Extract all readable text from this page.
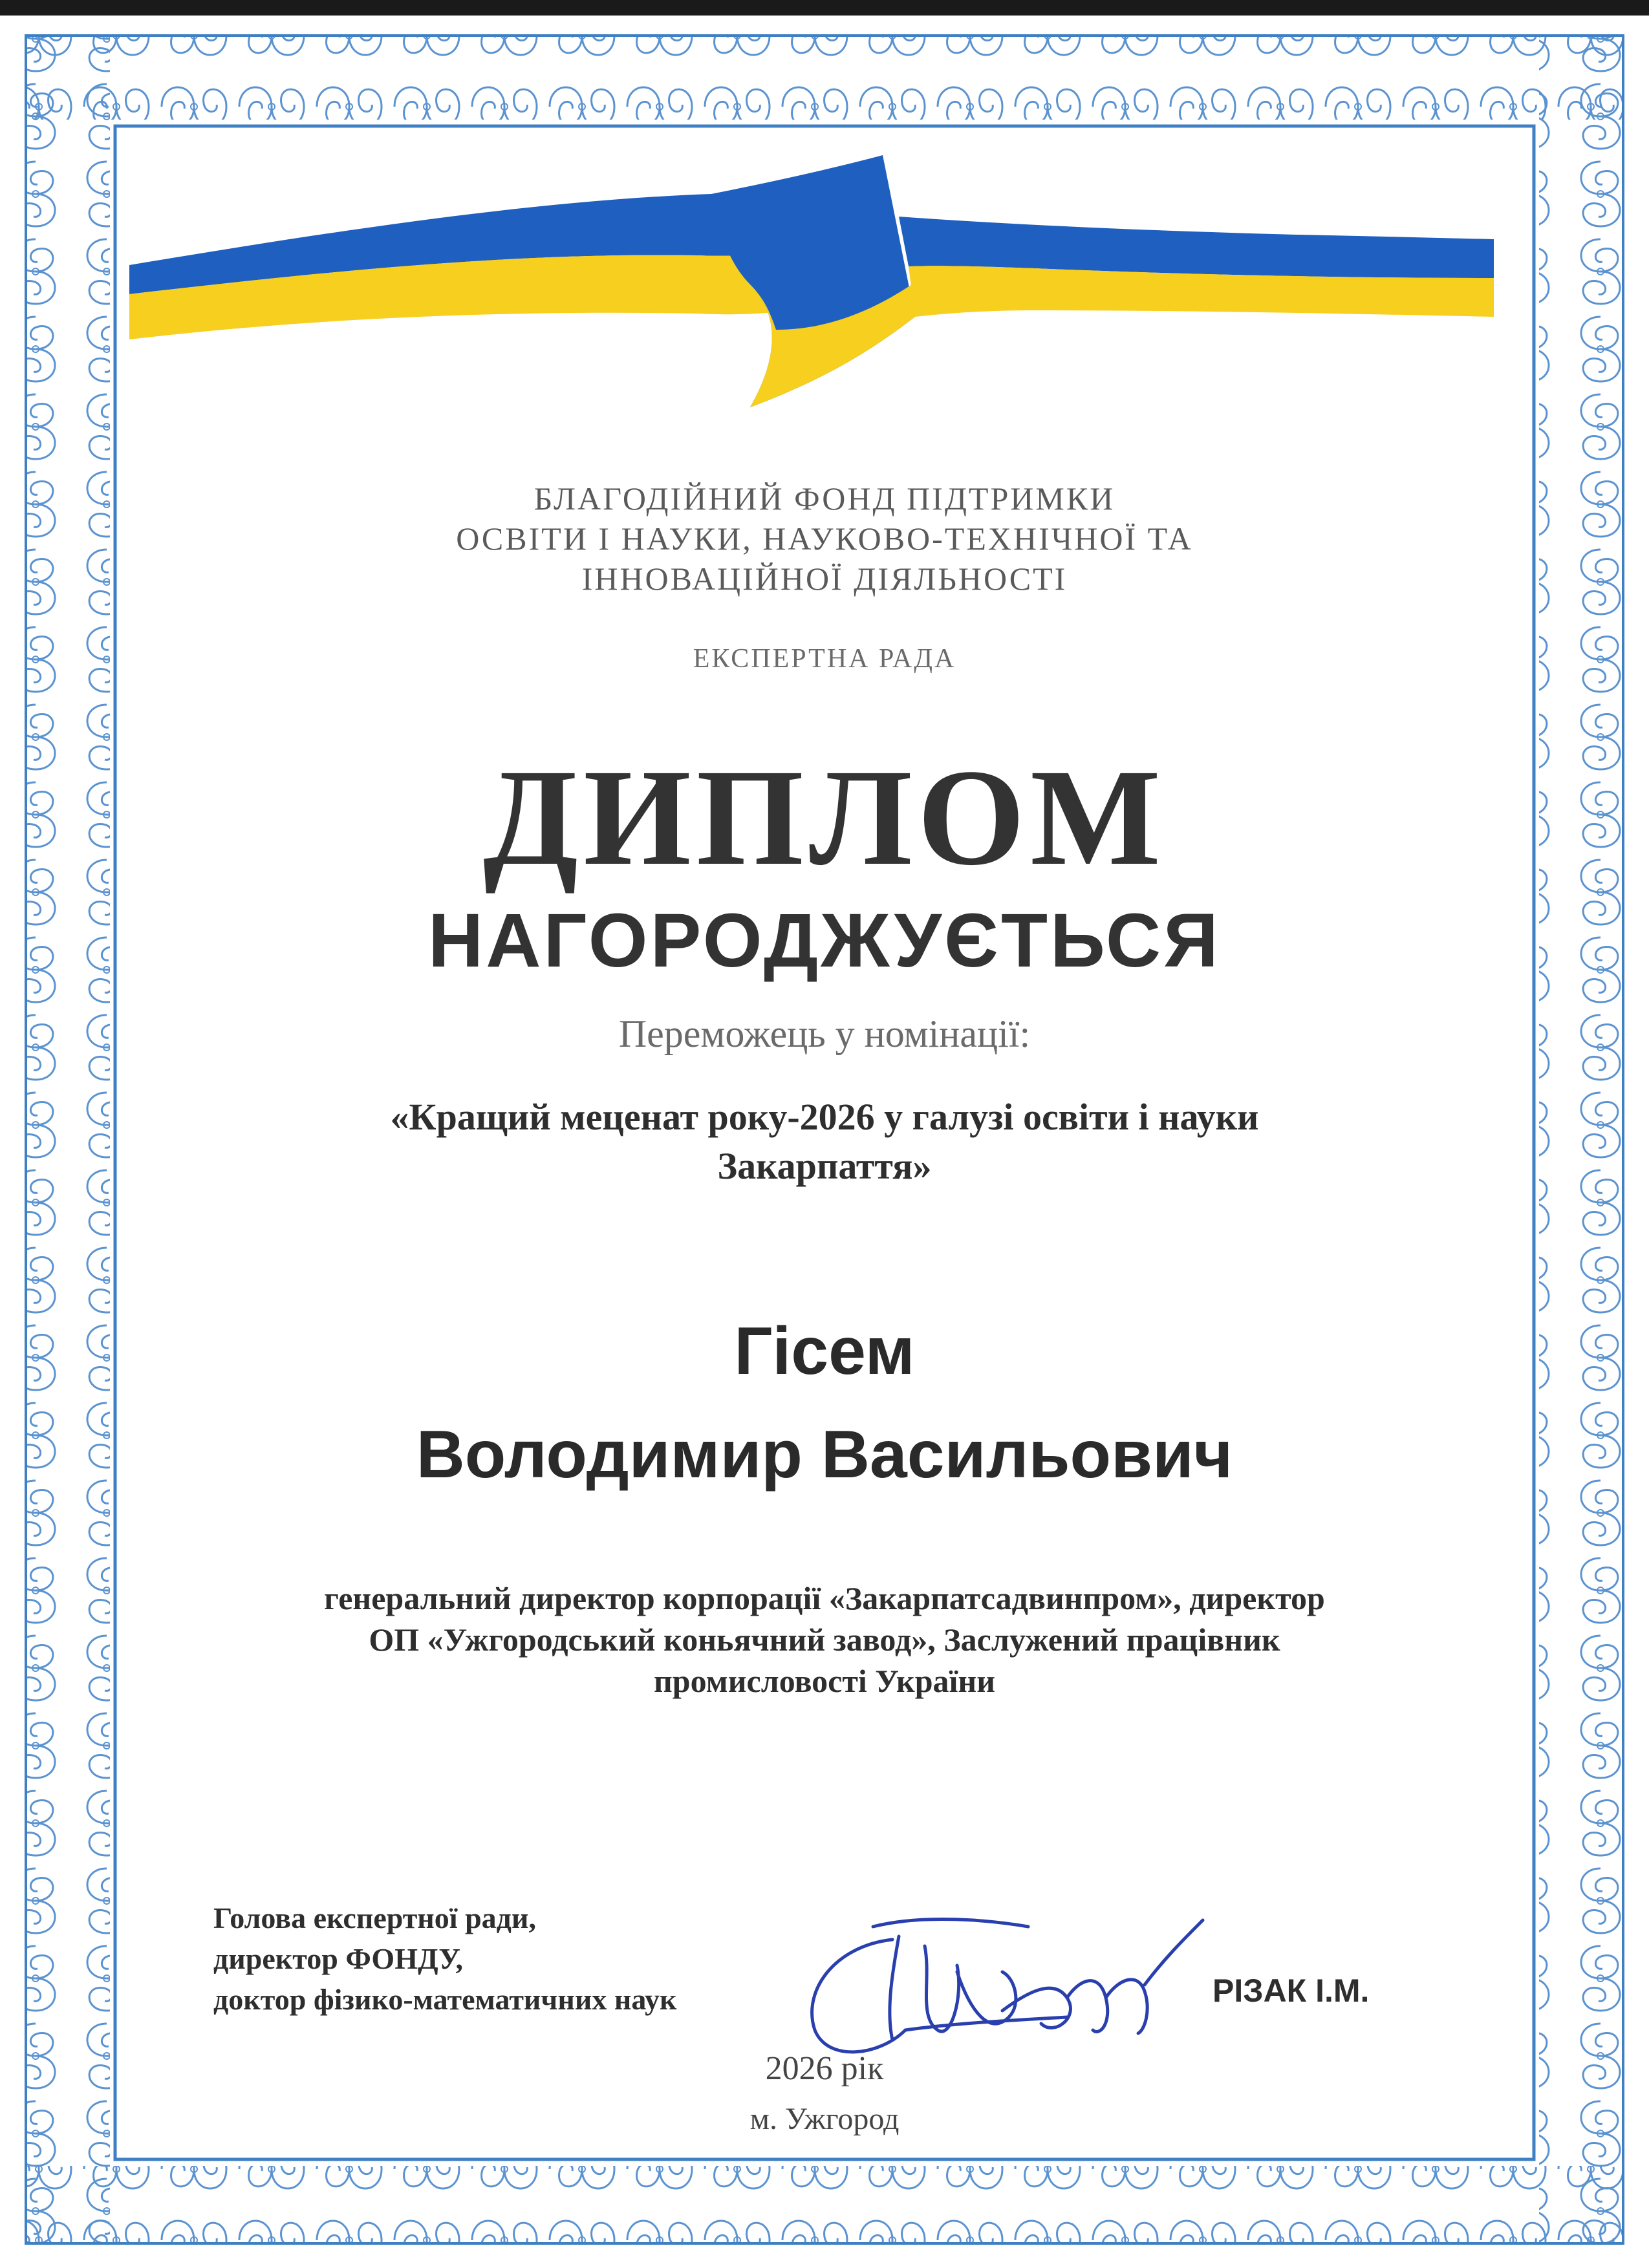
БЛАГОДІЙНИЙ ФОНД ПІДТРИМКИ
ОСВІТИ І НАУКИ, НАУКОВО-ТЕХНІЧНОЇ ТА
ІННОВАЦІЙНОЇ ДІЯЛЬНОСТІ
ЕКСПЕРТНА РАДА
ДИПЛОМ
НАГОРОДЖУЄТЬСЯ
Переможець у номінації:
«Кращий меценат року-2026 у галузі освіти і науки
Закарпаття»
Гісем
Володимир Васильович
генеральний директор корпорації «Закарпатсадвинпром», директор
ОП «Ужгородський коньячний завод», Заслужений працівник
промисловості України
Голова експертної ради,
директор ФОНДУ,
доктор фізико-математичних наук	РІЗАК І.М.
2026 рік
м. Ужгород
